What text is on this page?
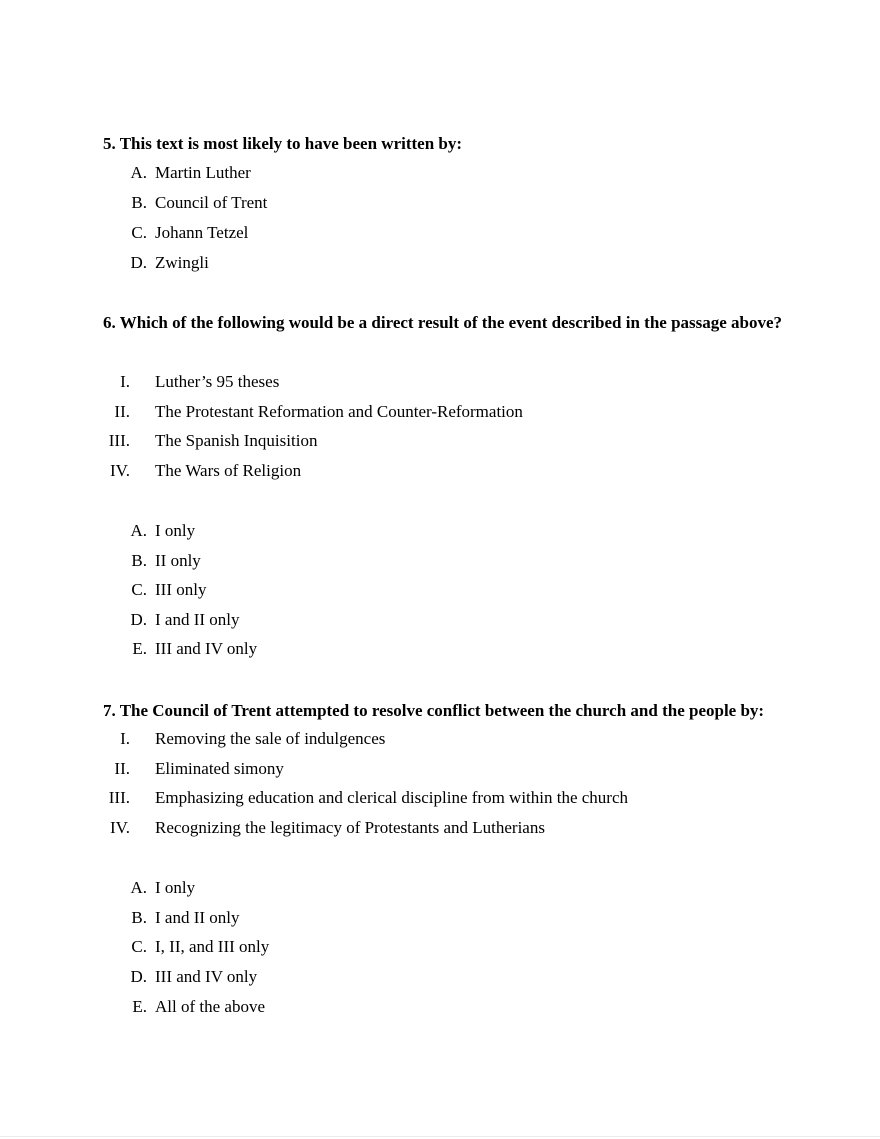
5. This text is most likely to have been written by:
A. Martin Luther
B. Council of Trent
C. Johann Tetzel
D. Zwingli
6. Which of the following would be a direct result of the event described in the passage above?
I. Luther’s 95 theses
II. The Protestant Reformation and Counter-Reformation
III. The Spanish Inquisition
IV. The Wars of Religion
A. I only
B. II only
C. III only
D. I and II only
E. III and IV only
7. The Council of Trent attempted to resolve conflict between the church and the people by:
I. Removing the sale of indulgences
II. Eliminated simony
III. Emphasizing education and clerical discipline from within the church
IV. Recognizing the legitimacy of Protestants and Lutherians
A. I only
B. I and II only
C. I, II, and III only
D. III and IV only
E. All of the above
